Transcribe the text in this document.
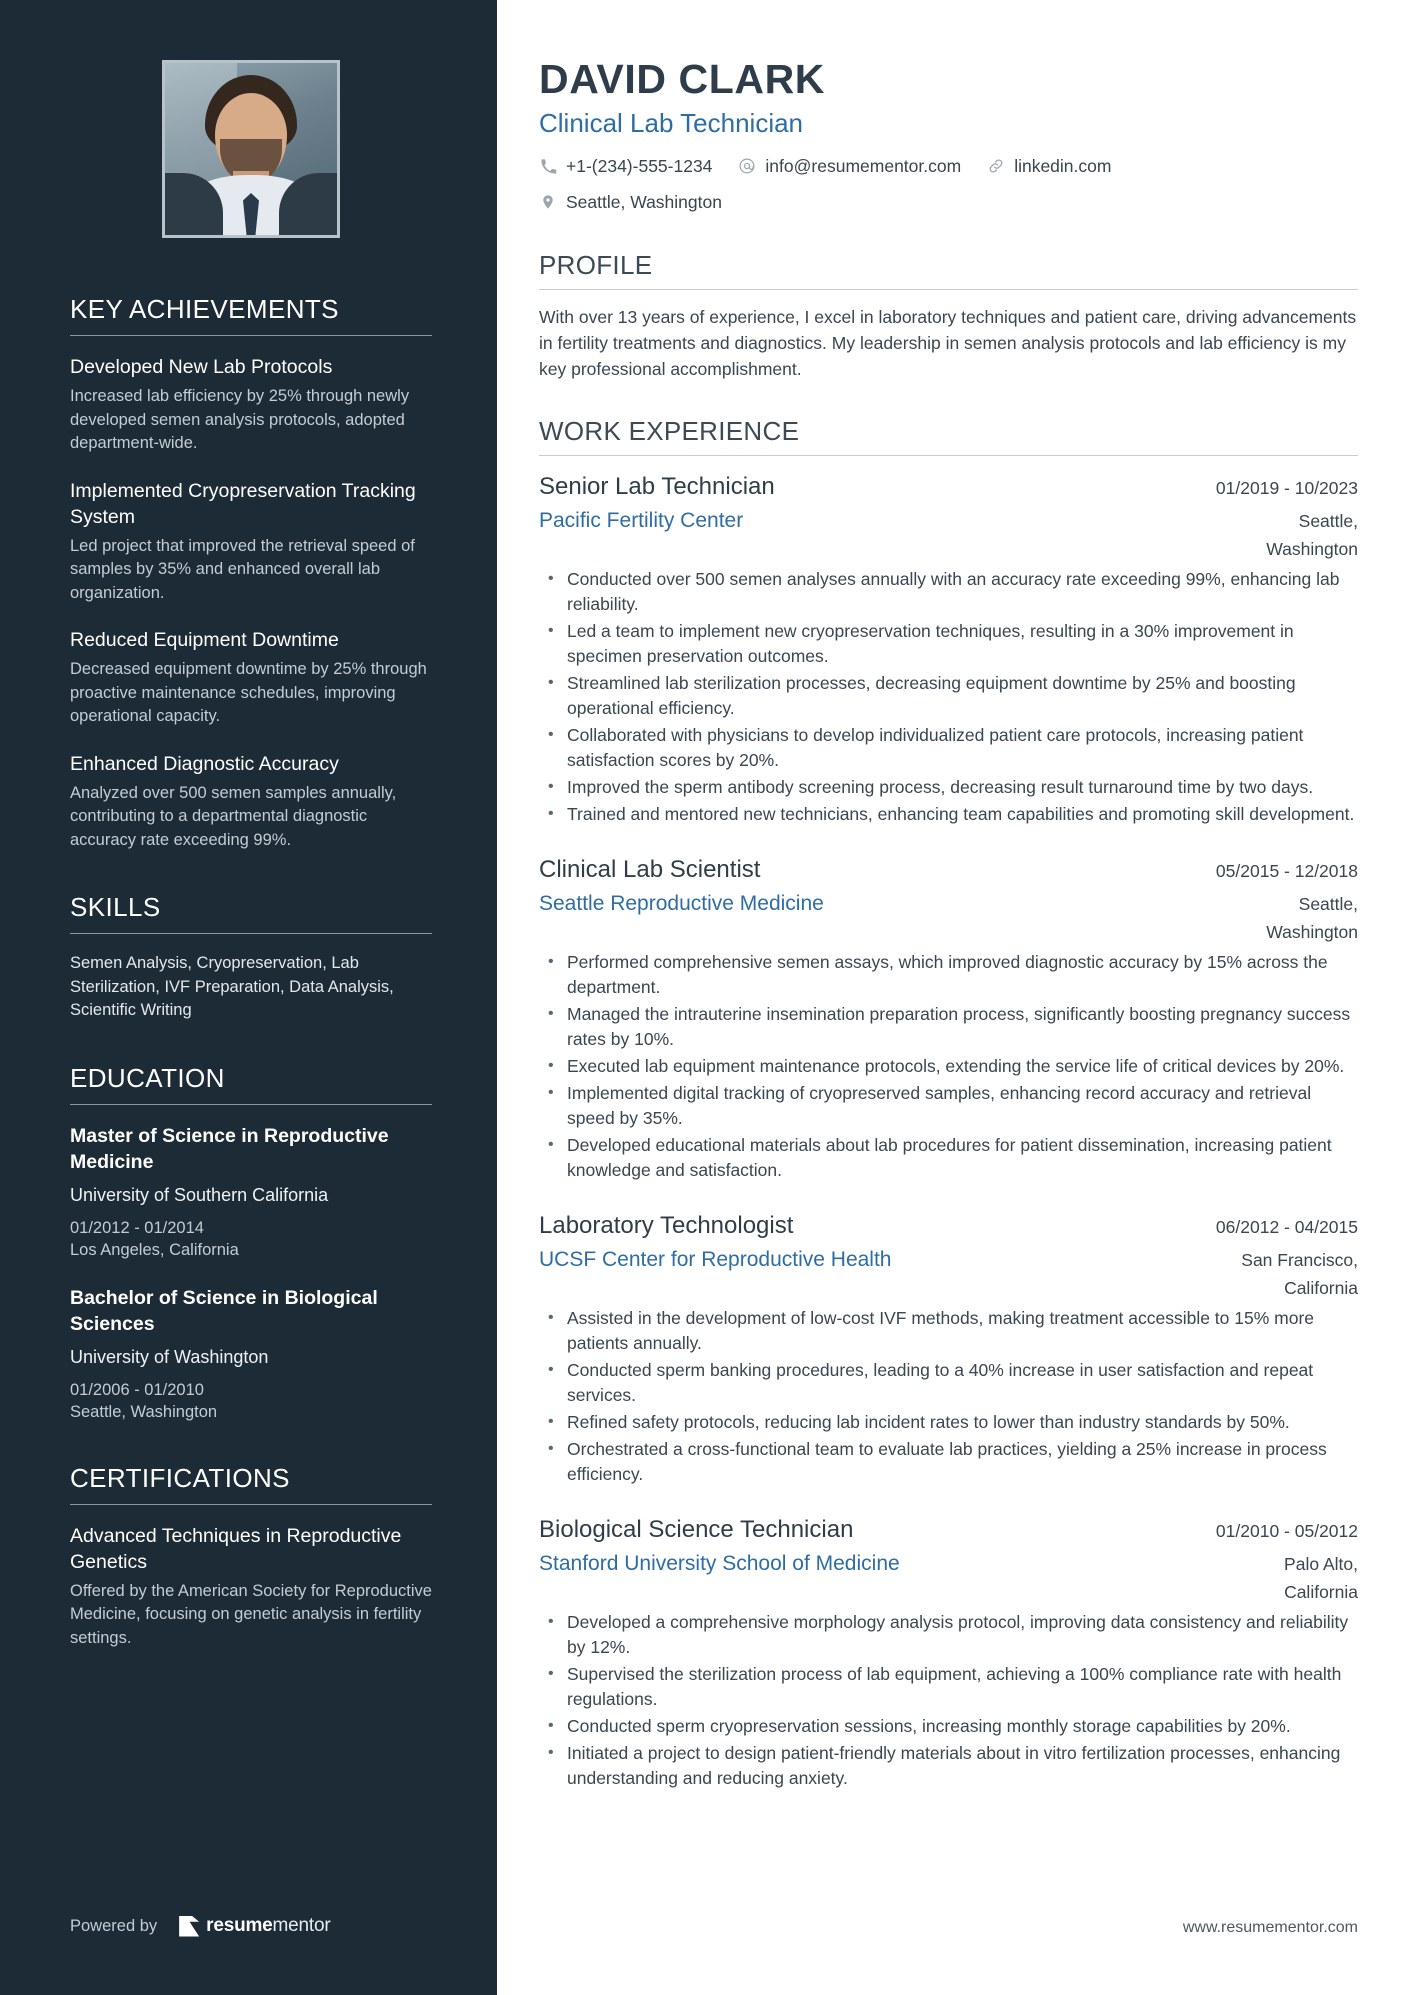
KEY ACHIEVEMENTS
Developed New Lab Protocols
Increased lab efficiency by 25% through newly developed semen analysis protocols, adopted department-wide.
Implemented Cryopreservation Tracking System
Led project that improved the retrieval speed of samples by 35% and enhanced overall lab organization.
Reduced Equipment Downtime
Decreased equipment downtime by 25% through proactive maintenance schedules, improving operational capacity.
Enhanced Diagnostic Accuracy
Analyzed over 500 semen samples annually, contributing to a departmental diagnostic accuracy rate exceeding 99%.
SKILLS
Semen Analysis, Cryopreservation, Lab Sterilization, IVF Preparation, Data Analysis, Scientific Writing
EDUCATION
Master of Science in Reproductive Medicine
University of Southern California
01/2012 - 01/2014
Los Angeles, California
Bachelor of Science in Biological Sciences
University of Washington
01/2006 - 01/2010
Seattle, Washington
CERTIFICATIONS
Advanced Techniques in Reproductive Genetics
Offered by the American Society for Reproductive Medicine, focusing on genetic analysis in fertility settings.
Powered by	resumementor
DAVID CLARK
Clinical Lab Technician
+1-(234)-555-1234	info@resumementor.com	linkedin.com
Seattle, Washington
PROFILE

With over 13 years of experience, I excel in laboratory techniques and patient care, driving advancements in fertility treatments and diagnostics. My leadership in semen analysis protocols and lab efficiency is my key professional accomplishment.

WORK EXPERIENCE
Senior Lab Technician	01/2019 - 10/2023
Pacific Fertility Center	Seattle, Washington
• Conducted over 500 semen analyses annually with an accuracy rate exceeding 99%, enhancing lab reliability.
• Led a team to implement new cryopreservation techniques, resulting in a 30% improvement in specimen preservation outcomes.
• Streamlined lab sterilization processes, decreasing equipment downtime by 25% and boosting operational efficiency.
• Collaborated with physicians to develop individualized patient care protocols, increasing patient satisfaction scores by 20%.
• Improved the sperm antibody screening process, decreasing result turnaround time by two days.
• Trained and mentored new technicians, enhancing team capabilities and promoting skill development.
Clinical Lab Scientist	05/2015 - 12/2018
Seattle Reproductive Medicine	Seattle, Washington
• Performed comprehensive semen assays, which improved diagnostic accuracy by 15% across the department.
• Managed the intrauterine insemination preparation process, significantly boosting pregnancy success rates by 10%.
• Executed lab equipment maintenance protocols, extending the service life of critical devices by 20%.
• Implemented digital tracking of cryopreserved samples, enhancing record accuracy and retrieval speed by 35%.
• Developed educational materials about lab procedures for patient dissemination, increasing patient knowledge and satisfaction.
Laboratory Technologist	06/2012 - 04/2015
UCSF Center for Reproductive Health	San Francisco, California
• Assisted in the development of low-cost IVF methods, making treatment accessible to 15% more patients annually.
• Conducted sperm banking procedures, leading to a 40% increase in user satisfaction and repeat services.
• Refined safety protocols, reducing lab incident rates to lower than industry standards by 50%.
• Orchestrated a cross-functional team to evaluate lab practices, yielding a 25% increase in process efficiency.
Biological Science Technician	01/2010 - 05/2012
Stanford University School of Medicine	Palo Alto, California
• Developed a comprehensive morphology analysis protocol, improving data consistency and reliability by 12%.
• Supervised the sterilization process of lab equipment, achieving a 100% compliance rate with health regulations.
• Conducted sperm cryopreservation sessions, increasing monthly storage capabilities by 20%.
• Initiated a project to design patient-friendly materials about in vitro fertilization processes, enhancing understanding and reducing anxiety.
www.resumementor.com
